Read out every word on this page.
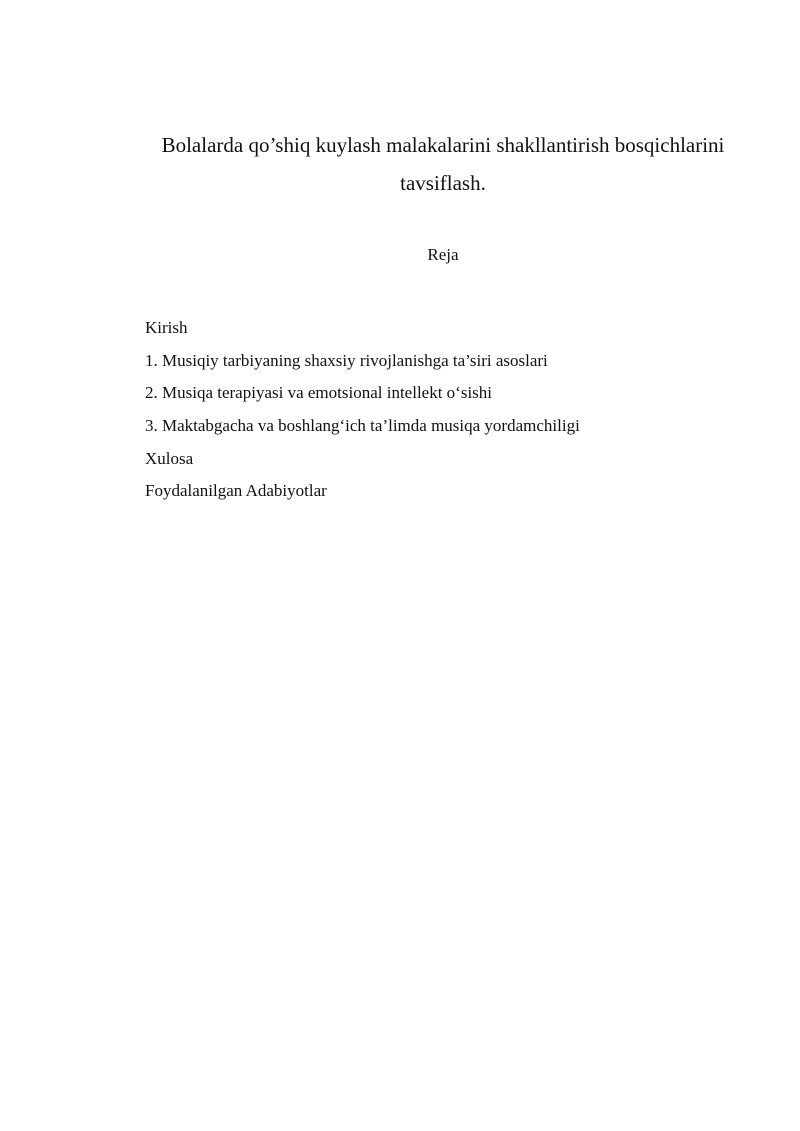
Bolalarda qo’shiq kuylash malakalarini shakllantirish bosqichlarini
tavsiflash.
Reja
Kirish
1. Musiqiy tarbiyaning shaxsiy rivojlanishga ta’siri asoslari
2. Musiqa terapiyasi va emotsional intellekt o‘sishi
3. Maktabgacha va boshlang‘ich ta’limda musiqa yordamchiligi
Xulosa
Foydalanilgan Adabiyotlar
